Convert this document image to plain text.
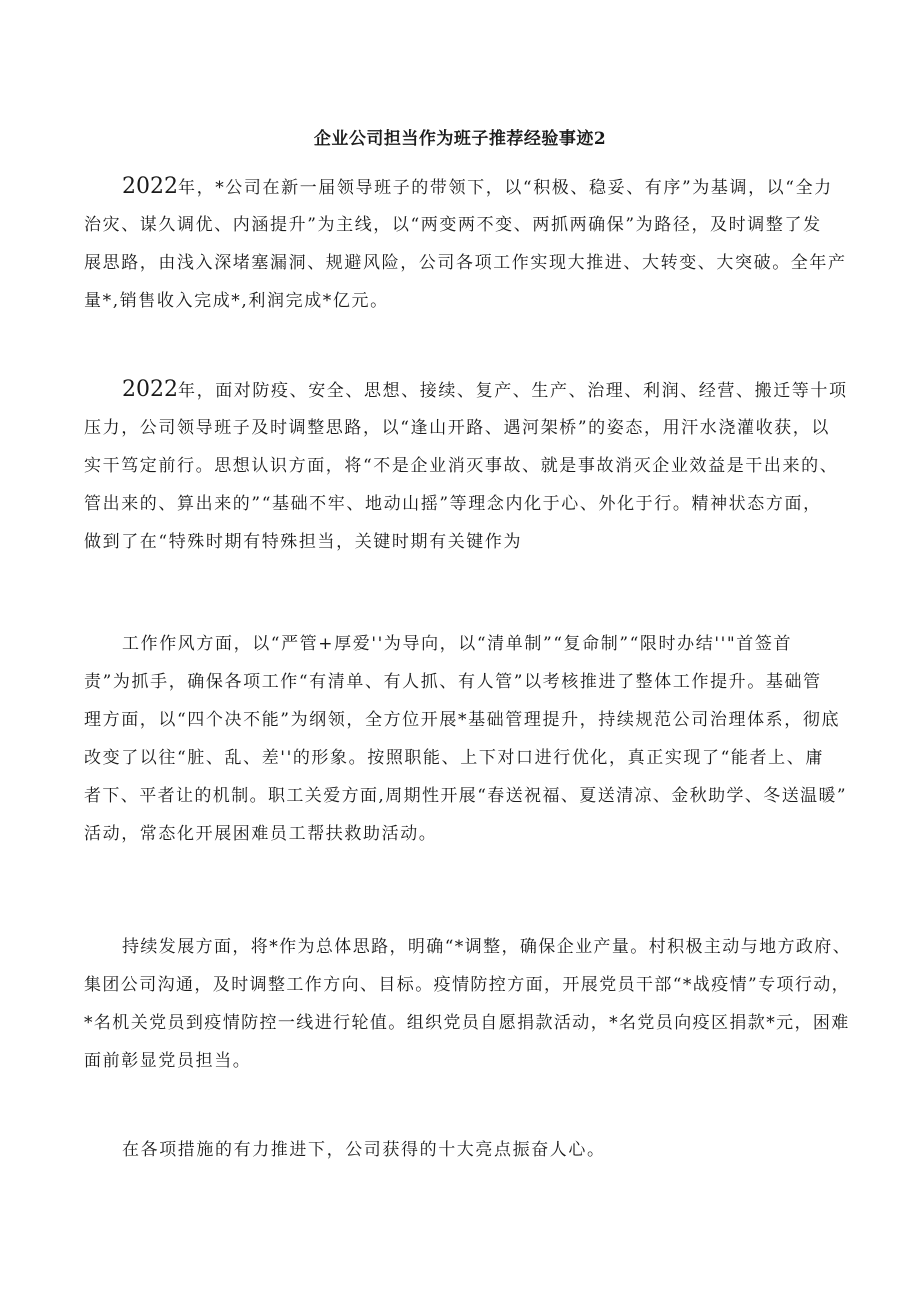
企业公司担当作为班子推荐经验事迹2
2022年，*公司在新一届领导班子的带领下，以“积极、稳妥、有序”为基调，以“全力
治灾、谋久调优、内涵提升”为主线，以“两变两不变、两抓两确保”为路径，及时调整了发
展思路，由浅入深堵塞漏洞、规避风险，公司各项工作实现大推进、大转变、大突破。全年产
量*,销售收入完成*,利润完成*亿元。
2022年，面对防疫、安全、思想、接续、复产、生产、治理、利润、经营、搬迁等十项
压力，公司领导班子及时调整思路，以“逢山开路、遇河架桥”的姿态，用汗水浇灌收获，以
实干笃定前行。思想认识方面，将“不是企业消灭事故、就是事故消灭企业效益是干出来的、
管出来的、算出来的”“基础不牢、地动山摇”等理念内化于心、外化于行。精神状态方面，
做到了在“特殊时期有特殊担当，关键时期有关键作为
工作作风方面，以“严管+厚爱''为导向，以“清单制”“复命制”“限时办结''"首签首
责”为抓手，确保各项工作“有清单、有人抓、有人管”以考核推进了整体工作提升。基础管
理方面，以“四个决不能”为纲领，全方位开展*基础管理提升，持续规范公司治理体系，彻底
改变了以往“脏、乱、差''的形象。按照职能、上下对口进行优化，真正实现了“能者上、庸
者下、平者让的机制。职工关爱方面,周期性开展“春送祝福、夏送清凉、金秋助学、冬送温暖”
活动，常态化开展困难员工帮扶救助活动。
持续发展方面，将*作为总体思路，明确“*调整，确保企业产量。村积极主动与地方政府、
集团公司沟通，及时调整工作方向、目标。疫情防控方面，开展党员干部“*战疫情”专项行动，
*名机关党员到疫情防控一线进行轮值。组织党员自愿捐款活动，*名党员向疫区捐款*元，困难
面前彰显党员担当。
在各项措施的有力推进下，公司获得的十大亮点振奋人心。
